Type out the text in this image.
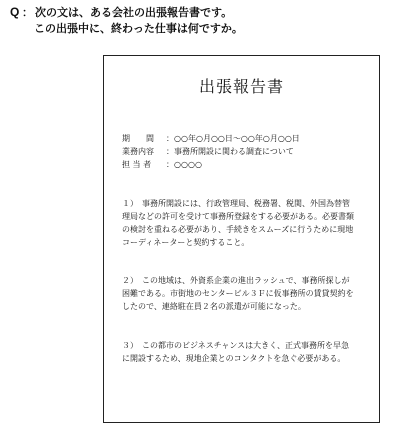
Q ： 次の文は、ある会社の出張報告書です。
この出張中に、終わった仕事は何ですか。
出張報告書
期　　間	：○○年○月○○日～○○年○月○○日
業務内容	：事務所開設に関わる調査について
担 当 者	：○○○○
１）　事務所開設には、行政管理局、税務署、税関、外国為替管
理局などの許可を受けて事務所登録をする必要がある。必要書類
の検討を重ねる必要があり、手続きをスムーズに行うために現地
コーディネーターと契約すること。
２）　この地域は、外資系企業の進出ラッシュで、事務所探しが
困難である。市街地のセンタービル３Ｆに仮事務所の賃貸契約を
したので、連絡駐在員２名の派遣が可能になった。
３）　この都市のビジネスチャンスは大きく、正式事務所を早急
に開設するため、現地企業とのコンタクトを急ぐ必要がある。
